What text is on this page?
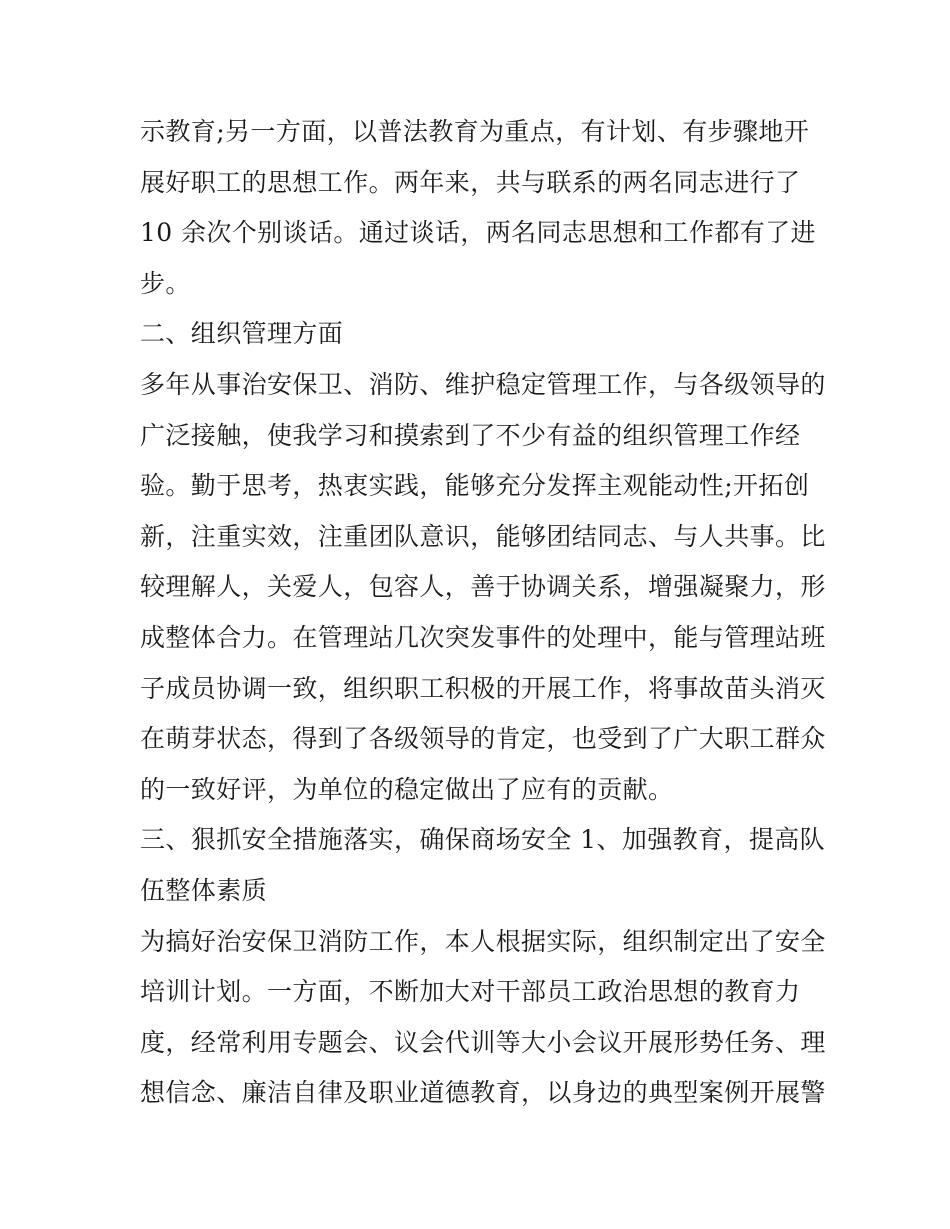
示教育;另一方面，以普法教育为重点，有计划、有步骤地开
展好职工的思想工作。两年来，共与联系的两名同志进行了
10 余次个别谈话。通过谈话，两名同志思想和工作都有了进
步。
二、组织管理方面
多年从事治安保卫、消防、维护稳定管理工作，与各级领导的
广泛接触，使我学习和摸索到了不少有益的组织管理工作经
验。勤于思考，热衷实践，能够充分发挥主观能动性;开拓创
新，注重实效，注重团队意识，能够团结同志、与人共事。比
较理解人，关爱人，包容人，善于协调关系，增强凝聚力，形
成整体合力。在管理站几次突发事件的处理中，能与管理站班
子成员协调一致，组织职工积极的开展工作，将事故苗头消灭
在萌芽状态，得到了各级领导的肯定，也受到了广大职工群众
的一致好评，为单位的稳定做出了应有的贡献。
三、狠抓安全措施落实，确保商场安全 1、加强教育，提高队
伍整体素质
为搞好治安保卫消防工作，本人根据实际，组织制定出了安全
培训计划。一方面，不断加大对干部员工政治思想的教育力
度，经常利用专题会、议会代训等大小会议开展形势任务、理
想信念、廉洁自律及职业道德教育，以身边的典型案例开展警
